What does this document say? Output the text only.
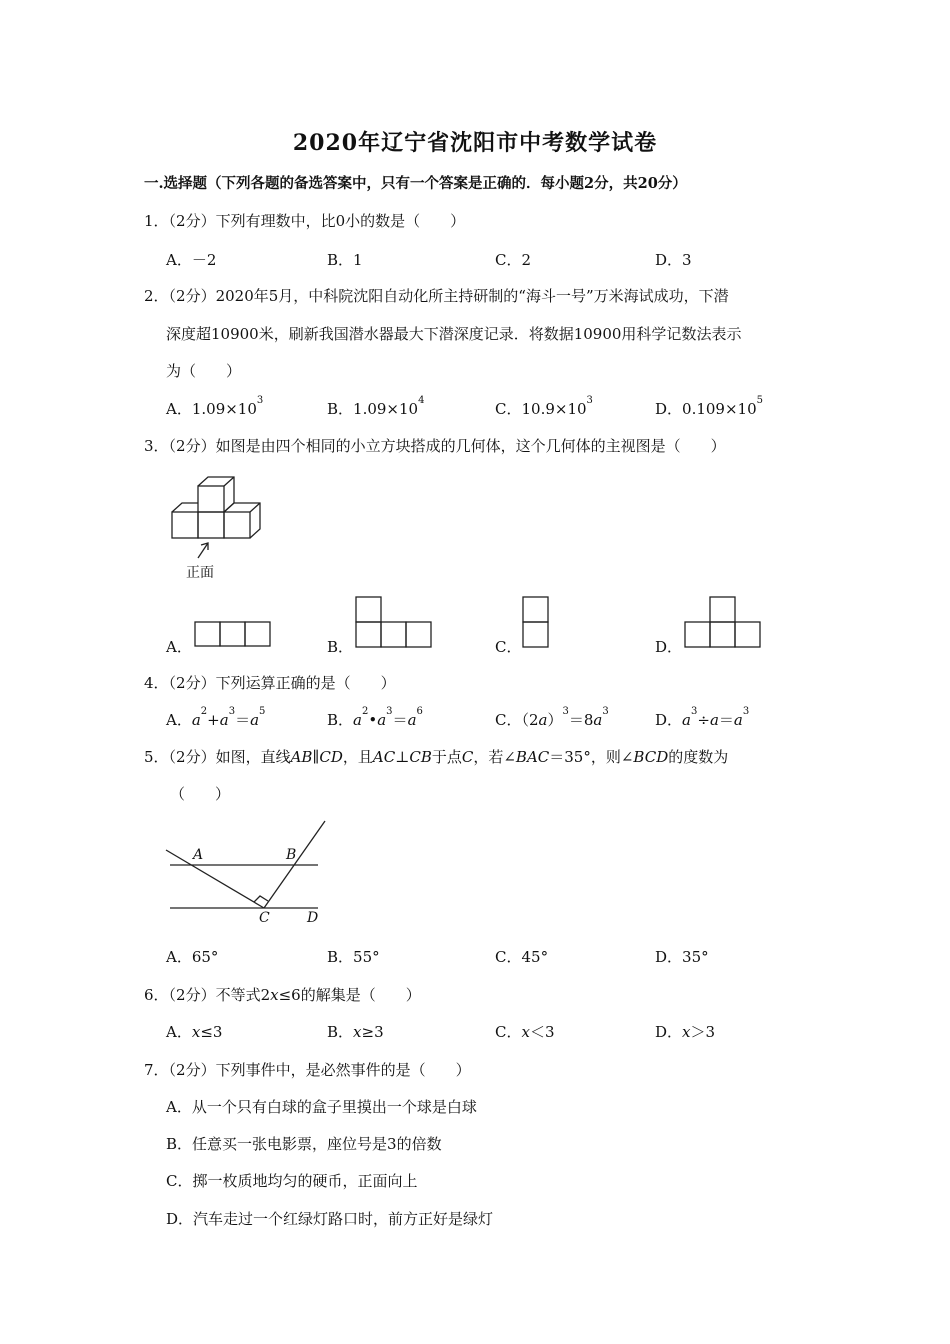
2020年辽宁省沈阳市中考数学试卷
一.选择题（下列各题的备选答案中，只有一个答案是正确的．每小题2分，共20分）
1．（2分）下列有理数中，比0小的数是（　　）
A．－2	B．1	C．2	D．3
2．（2分）2020年5月，中科院沈阳自动化所主持研制的“海斗一号”万米海试成功，下潜
深度超10900米，刷新我国潜水器最大下潜深度记录．将数据10900用科学记数法表示
为（　　）
A．$1.09\times 10^3$	B．$1.09\times 10^4$	C．$10.9\times 10^3$	D．$0.109\times 10^5$
3．（2分）如图是由四个相同的小立方块搭成的几何体，这个几何体的主视图是（　　）
正面
A．	B．	C．	D．
4．（2分）下列运算正确的是（　　）
A．$a^2+a^3=a^5$	B．$a^2•a^3=a^6$	C．$(2a)^3=8a^3$	D．$a^3\div a=a^3$
5．（2分）如图，直线AB∥CD，且AC⊥CB于点C，若∠BAC＝35°，则∠BCD的度数为
（　　）
A	B
C	D
A．65°	B．55°	C．45°	D．35°
6．（2分）不等式2x≤6的解集是（　　）
A．x≤3	B．x≥3	C．x＜3	D．x＞3
7．（2分）下列事件中，是必然事件的是（　　）
A．从一个只有白球的盒子里摸出一个球是白球
B．任意买一张电影票，座位号是3的倍数
C．掷一枚质地均匀的硬币，正面向上
D．汽车走过一个红绿灯路口时，前方正好是绿灯
